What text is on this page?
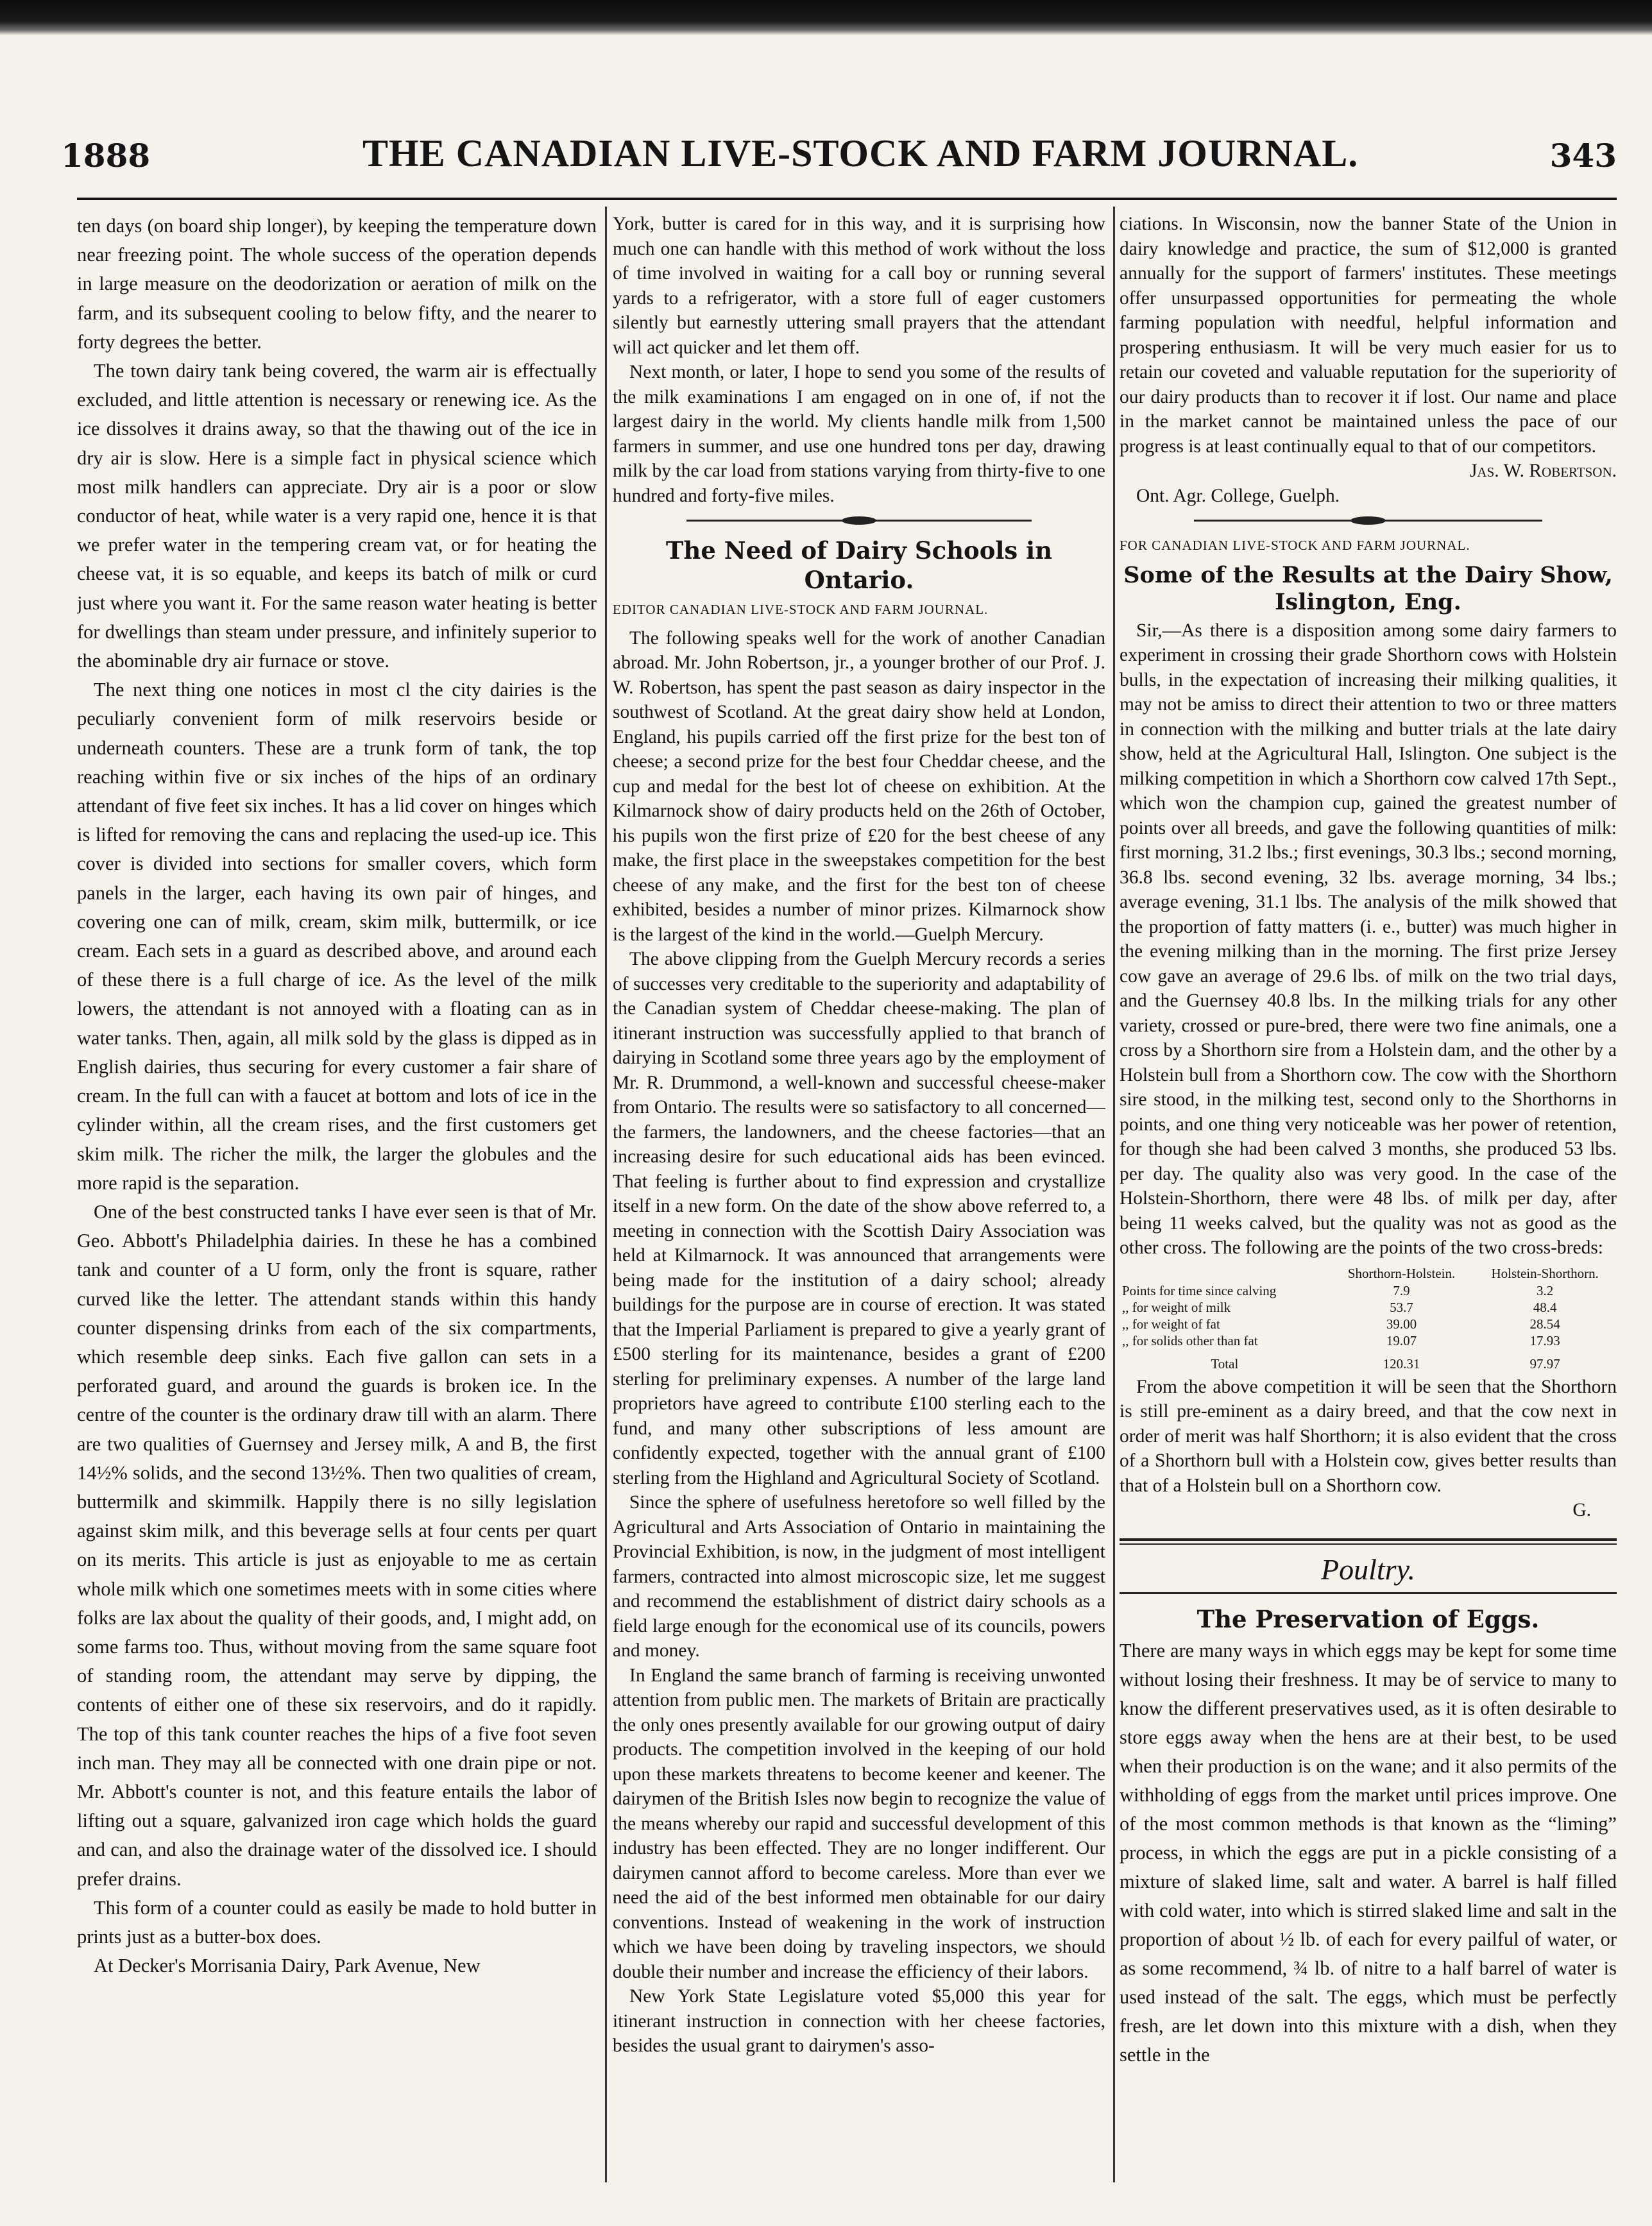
1888	THE CANADIAN LIVE-STOCK AND FARM JOURNAL.	343

ten days (on board ship longer), by keeping the temperature down near freezing point. The whole success of the operation depends in large measure on the deodorization or aeration of milk on the farm, and its subsequent cooling to below fifty, and the nearer to forty degrees the better.

The town dairy tank being covered, the warm air is effectually excluded, and little attention is necessary or renewing ice. As the ice dissolves it drains away, so that the thawing out of the ice in dry air is slow. Here is a simple fact in physical science which most milk handlers can appreciate. Dry air is a poor or slow conductor of heat, while water is a very rapid one, hence it is that we prefer water in the tempering cream vat, or for heating the cheese vat, it is so equable, and keeps its batch of milk or curd just where you want it. For the same reason water heating is better for dwellings than steam under pressure, and infinitely superior to the abominable dry air furnace or stove.

The next thing one notices in most cl the city dairies is the peculiarly convenient form of milk reservoirs beside or underneath counters. These are a trunk form of tank, the top reaching within five or six inches of the hips of an ordinary attendant of five feet six inches. It has a lid cover on hinges which is lifted for removing the cans and replacing the used-up ice. This cover is divided into sections for smaller covers, which form panels in the larger, each having its own pair of hinges, and covering one can of milk, cream, skim milk, buttermilk, or ice cream. Each sets in a guard as described above, and around each of these there is a full charge of ice. As the level of the milk lowers, the attendant is not annoyed with a floating can as in water tanks. Then, again, all milk sold by the glass is dipped as in English dairies, thus securing for every customer a fair share of cream. In the full can with a faucet at bottom and lots of ice in the cylinder within, all the cream rises, and the first customers get skim milk. The richer the milk, the larger the globules and the more rapid is the separation.

One of the best constructed tanks I have ever seen is that of Mr. Geo. Abbott's Philadelphia dairies. In these he has a combined tank and counter of a U form, only the front is square, rather curved like the letter. The attendant stands within this handy counter dispensing drinks from each of the six compartments, which resemble deep sinks. Each five gallon can sets in a perforated guard, and around the guards is broken ice. In the centre of the counter is the ordinary draw till with an alarm. There are two qualities of Guernsey and Jersey milk, A and B, the first 14½% solids, and the second 13½%. Then two qualities of cream, buttermilk and skimmilk. Happily there is no silly legislation against skim milk, and this beverage sells at four cents per quart on its merits. This article is just as enjoyable to me as certain whole milk which one sometimes meets with in some cities where folks are lax about the quality of their goods, and, I might add, on some farms too. Thus, without moving from the same square foot of standing room, the attendant may serve by dipping, the contents of either one of these six reservoirs, and do it rapidly. The top of this tank counter reaches the hips of a five foot seven inch man. They may all be connected with one drain pipe or not. Mr. Abbott's counter is not, and this feature entails the labor of lifting out a square, galvanized iron cage which holds the guard and can, and also the drainage water of the dissolved ice. I should prefer drains.

This form of a counter could as easily be made to hold butter in prints just as a butter-box does.

At Decker's Morrisania Dairy, Park Avenue, New

York, butter is cared for in this way, and it is surprising how much one can handle with this method of work without the loss of time involved in waiting for a call boy or running several yards to a refrigerator, with a store full of eager customers silently but earnestly uttering small prayers that the attendant will act quicker and let them off.

Next month, or later, I hope to send you some of the results of the milk examinations I am engaged on in one of, if not the largest dairy in the world. My clients handle milk from 1,500 farmers in summer, and use one hundred tons per day, drawing milk by the car load from stations varying from thirty-five to one hundred and forty-five miles.

The Need of Dairy Schools in Ontario.
EDITOR CANADIAN LIVE-STOCK AND FARM JOURNAL.

The following speaks well for the work of another Canadian abroad. Mr. John Robertson, jr., a younger brother of our Prof. J. W. Robertson, has spent the past season as dairy inspector in the southwest of Scotland. At the great dairy show held at London, England, his pupils carried off the first prize for the best ton of cheese; a second prize for the best four Cheddar cheese, and the cup and medal for the best lot of cheese on exhibition. At the Kilmarnock show of dairy products held on the 26th of October, his pupils won the first prize of £20 for the best cheese of any make, the first place in the sweepstakes competition for the best cheese of any make, and the first for the best ton of cheese exhibited, besides a number of minor prizes. Kilmarnock show is the largest of the kind in the world.—Guelph Mercury.

The above clipping from the Guelph Mercury records a series of successes very creditable to the superiority and adaptability of the Canadian system of Cheddar cheese-making. The plan of itinerant instruction was successfully applied to that branch of dairying in Scotland some three years ago by the employment of Mr. R. Drummond, a well-known and successful cheese-maker from Ontario. The results were so satisfactory to all concerned—the farmers, the landowners, and the cheese factories—that an increasing desire for such educational aids has been evinced. That feeling is further about to find expression and crystallize itself in a new form. On the date of the show above referred to, a meeting in connection with the Scottish Dairy Association was held at Kilmarnock. It was announced that arrangements were being made for the institution of a dairy school; already buildings for the purpose are in course of erection. It was stated that the Imperial Parliament is prepared to give a yearly grant of £500 sterling for its maintenance, besides a grant of £200 sterling for preliminary expenses. A number of the large land proprietors have agreed to contribute £100 sterling each to the fund, and many other subscriptions of less amount are confidently expected, together with the annual grant of £100 sterling from the Highland and Agricultural Society of Scotland.

Since the sphere of usefulness heretofore so well filled by the Agricultural and Arts Association of Ontario in maintaining the Provincial Exhibition, is now, in the judgment of most intelligent farmers, contracted into almost microscopic size, let me suggest and recommend the establishment of district dairy schools as a field large enough for the economical use of its councils, powers and money.

In England the same branch of farming is receiving unwonted attention from public men. The markets of Britain are practically the only ones presently available for our growing output of dairy products. The competition involved in the keeping of our hold upon these markets threatens to become keener and keener. The dairymen of the British Isles now begin to recognize the value of the means whereby our rapid and successful development of this industry has been effected. They are no longer indifferent. Our dairymen cannot afford to become careless. More than ever we need the aid of the best informed men obtainable for our dairy conventions. Instead of weakening in the work of instruction which we have been doing by traveling inspectors, we should double their number and increase the efficiency of their labors.

New York State Legislature voted $5,000 this year for itinerant instruction in connection with her cheese factories, besides the usual grant to dairymen's asso-

ciations. In Wisconsin, now the banner State of the Union in dairy knowledge and practice, the sum of $12,000 is granted annually for the support of farmers' institutes. These meetings offer unsurpassed opportunities for permeating the whole farming population with needful, helpful information and prospering enthusiasm. It will be very much easier for us to retain our coveted and valuable reputation for the superiority of our dairy products than to recover it if lost. Our name and place in the market cannot be maintained unless the pace of our progress is at least continually equal to that of our competitors.

Jas. W. Robertson.

Ont. Agr. College, Guelph.

FOR CANADIAN LIVE-STOCK AND FARM JOURNAL.
Some of the Results at the Dairy Show,
Islington, Eng.

Sir,—As there is a disposition among some dairy farmers to experiment in crossing their grade Shorthorn cows with Holstein bulls, in the expectation of increasing their milking qualities, it may not be amiss to direct their attention to two or three matters in connection with the milking and butter trials at the late dairy show, held at the Agricultural Hall, Islington. One subject is the milking competition in which a Shorthorn cow calved 17th Sept., which won the champion cup, gained the greatest number of points over all breeds, and gave the following quantities of milk: first morning, 31.2 lbs.; first evenings, 30.3 lbs.; second morning, 36.8 lbs. second evening, 32 lbs. average morning, 34 lbs.; average evening, 31.1 lbs. The analysis of the milk showed that the proportion of fatty matters (i. e., butter) was much higher in the evening milking than in the morning. The first prize Jersey cow gave an average of 29.6 lbs. of milk on the two trial days, and the Guernsey 40.8 lbs. In the milking trials for any other variety, crossed or pure-bred, there were two fine animals, one a cross by a Shorthorn sire from a Holstein dam, and the other by a Holstein bull from a Shorthorn cow. The cow with the Shorthorn sire stood, in the milking test, second only to the Shorthorns in points, and one thing very noticeable was her power of retention, for though she had been calved 3 months, she produced 53 lbs. per day. The quality also was very good. In the case of the Holstein-Shorthorn, there were 48 lbs. of milk per day, after being 11 weeks calved, but the quality was not as good as the other cross. The following are the points of the two cross-breds:

	Shorthorn-Holstein.	Holstein-Shorthorn.
Points for time since calving	7.9	3.2
,, for weight of milk	53.7	48.4
,, for weight of fat	39.00	28.54
,, for solids other than fat	19.07	17.93
Total	120.31	97.97

From the above competition it will be seen that the Shorthorn is still pre-eminent as a dairy breed, and that the cow next in order of merit was half Shorthorn; it is also evident that the cross of a Shorthorn bull with a Holstein cow, gives better results than that of a Holstein bull on a Shorthorn cow.

G.

Poultry.
The Preservation of Eggs.

There are many ways in which eggs may be kept for some time without losing their freshness. It may be of service to many to know the different preservatives used, as it is often desirable to store eggs away when the hens are at their best, to be used when their production is on the wane; and it also permits of the withholding of eggs from the market until prices improve. One of the most common methods is that known as the “liming” process, in which the eggs are put in a pickle consisting of a mixture of slaked lime, salt and water. A barrel is half filled with cold water, into which is stirred slaked lime and salt in the proportion of about ½ lb. of each for every pailful of water, or as some recommend, ¾ lb. of nitre to a half barrel of water is used instead of the salt. The eggs, which must be perfectly fresh, are let down into this mixture with a dish, when they settle in the
